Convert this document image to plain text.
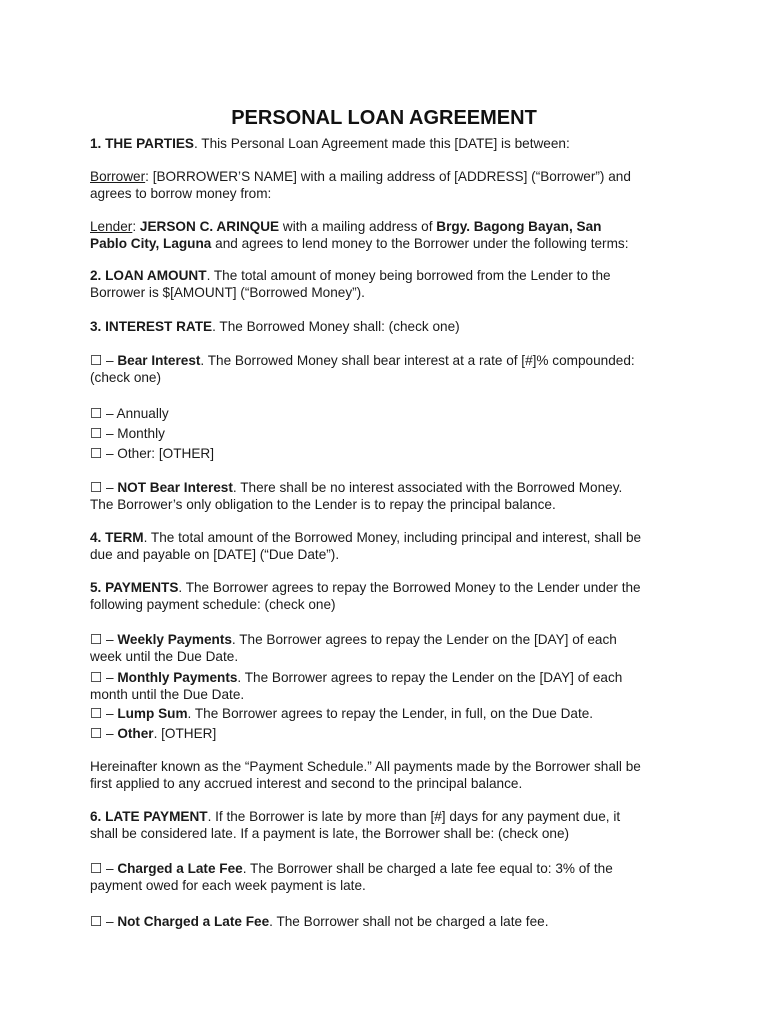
PERSONAL LOAN AGREEMENT

1. THE PARTIES. This Personal Loan Agreement made this [DATE] is between:

Borrower: [BORROWER’S NAME] with a mailing address of [ADDRESS] (“Borrower”) and
agrees to borrow money from:

Lender: JERSON C. ARINQUE with a mailing address of Brgy. Bagong Bayan, San
Pablo City, Laguna and agrees to lend money to the Borrower under the following terms:

2. LOAN AMOUNT. The total amount of money being borrowed from the Lender to the
Borrower is $[AMOUNT] (“Borrowed Money”).

3. INTEREST RATE. The Borrowed Money shall: (check one)

☐ – Bear Interest. The Borrowed Money shall bear interest at a rate of [#]% compounded:
(check one)

☐ – Annually
☐ – Monthly
☐ – Other: [OTHER]

☐ – NOT Bear Interest. There shall be no interest associated with the Borrowed Money.
The Borrower’s only obligation to the Lender is to repay the principal balance.

4. TERM. The total amount of the Borrowed Money, including principal and interest, shall be
due and payable on [DATE] (“Due Date”).

5. PAYMENTS. The Borrower agrees to repay the Borrowed Money to the Lender under the
following payment schedule: (check one)

☐ – Weekly Payments. The Borrower agrees to repay the Lender on the [DAY] of each
week until the Due Date.

☐ – Monthly Payments. The Borrower agrees to repay the Lender on the [DAY] of each
month until the Due Date.

☐ – Lump Sum. The Borrower agrees to repay the Lender, in full, on the Due Date.

☐ – Other. [OTHER]

Hereinafter known as the “Payment Schedule.” All payments made by the Borrower shall be
first applied to any accrued interest and second to the principal balance.

6. LATE PAYMENT. If the Borrower is late by more than [#] days for any payment due, it
shall be considered late. If a payment is late, the Borrower shall be: (check one)

☐ – Charged a Late Fee. The Borrower shall be charged a late fee equal to: 3% of the
payment owed for each week payment is late.

☐ – Not Charged a Late Fee. The Borrower shall not be charged a late fee.
